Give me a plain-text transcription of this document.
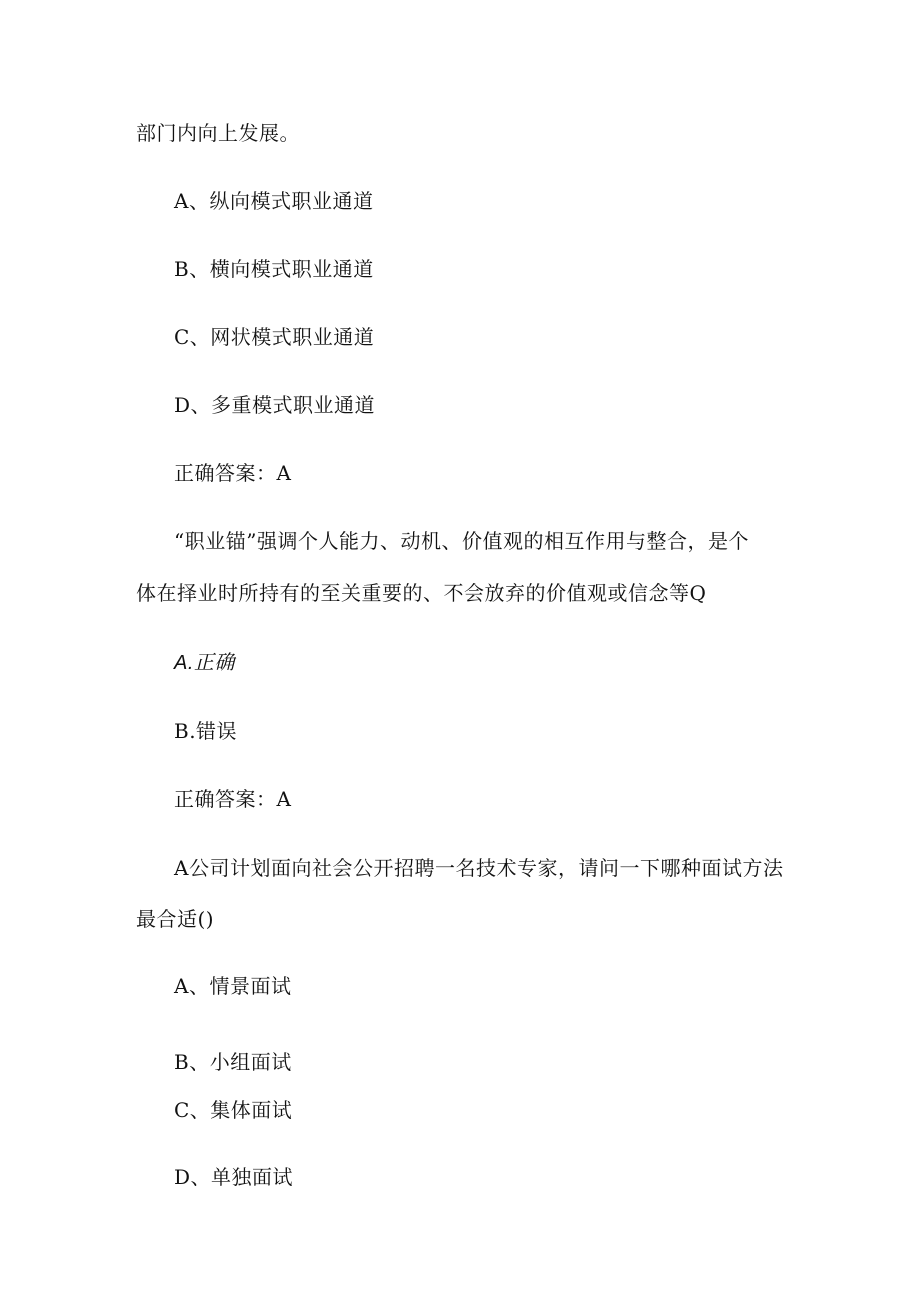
部门内向上发展。
A、纵向模式职业通道
B、横向模式职业通道
C、网状模式职业通道
D、多重模式职业通道
正确答案：A
“职业锚”强调个人能力、动机、价值观的相互作用与整合，是个
体在择业时所持有的至关重要的、不会放弃的价值观或信念等Q
A.正确
B.错误
正确答案：A
A公司计划面向社会公开招聘一名技术专家，请问一下哪种面试方法
最合适()
A、情景面试
B、小组面试
C、集体面试
D、单独面试
